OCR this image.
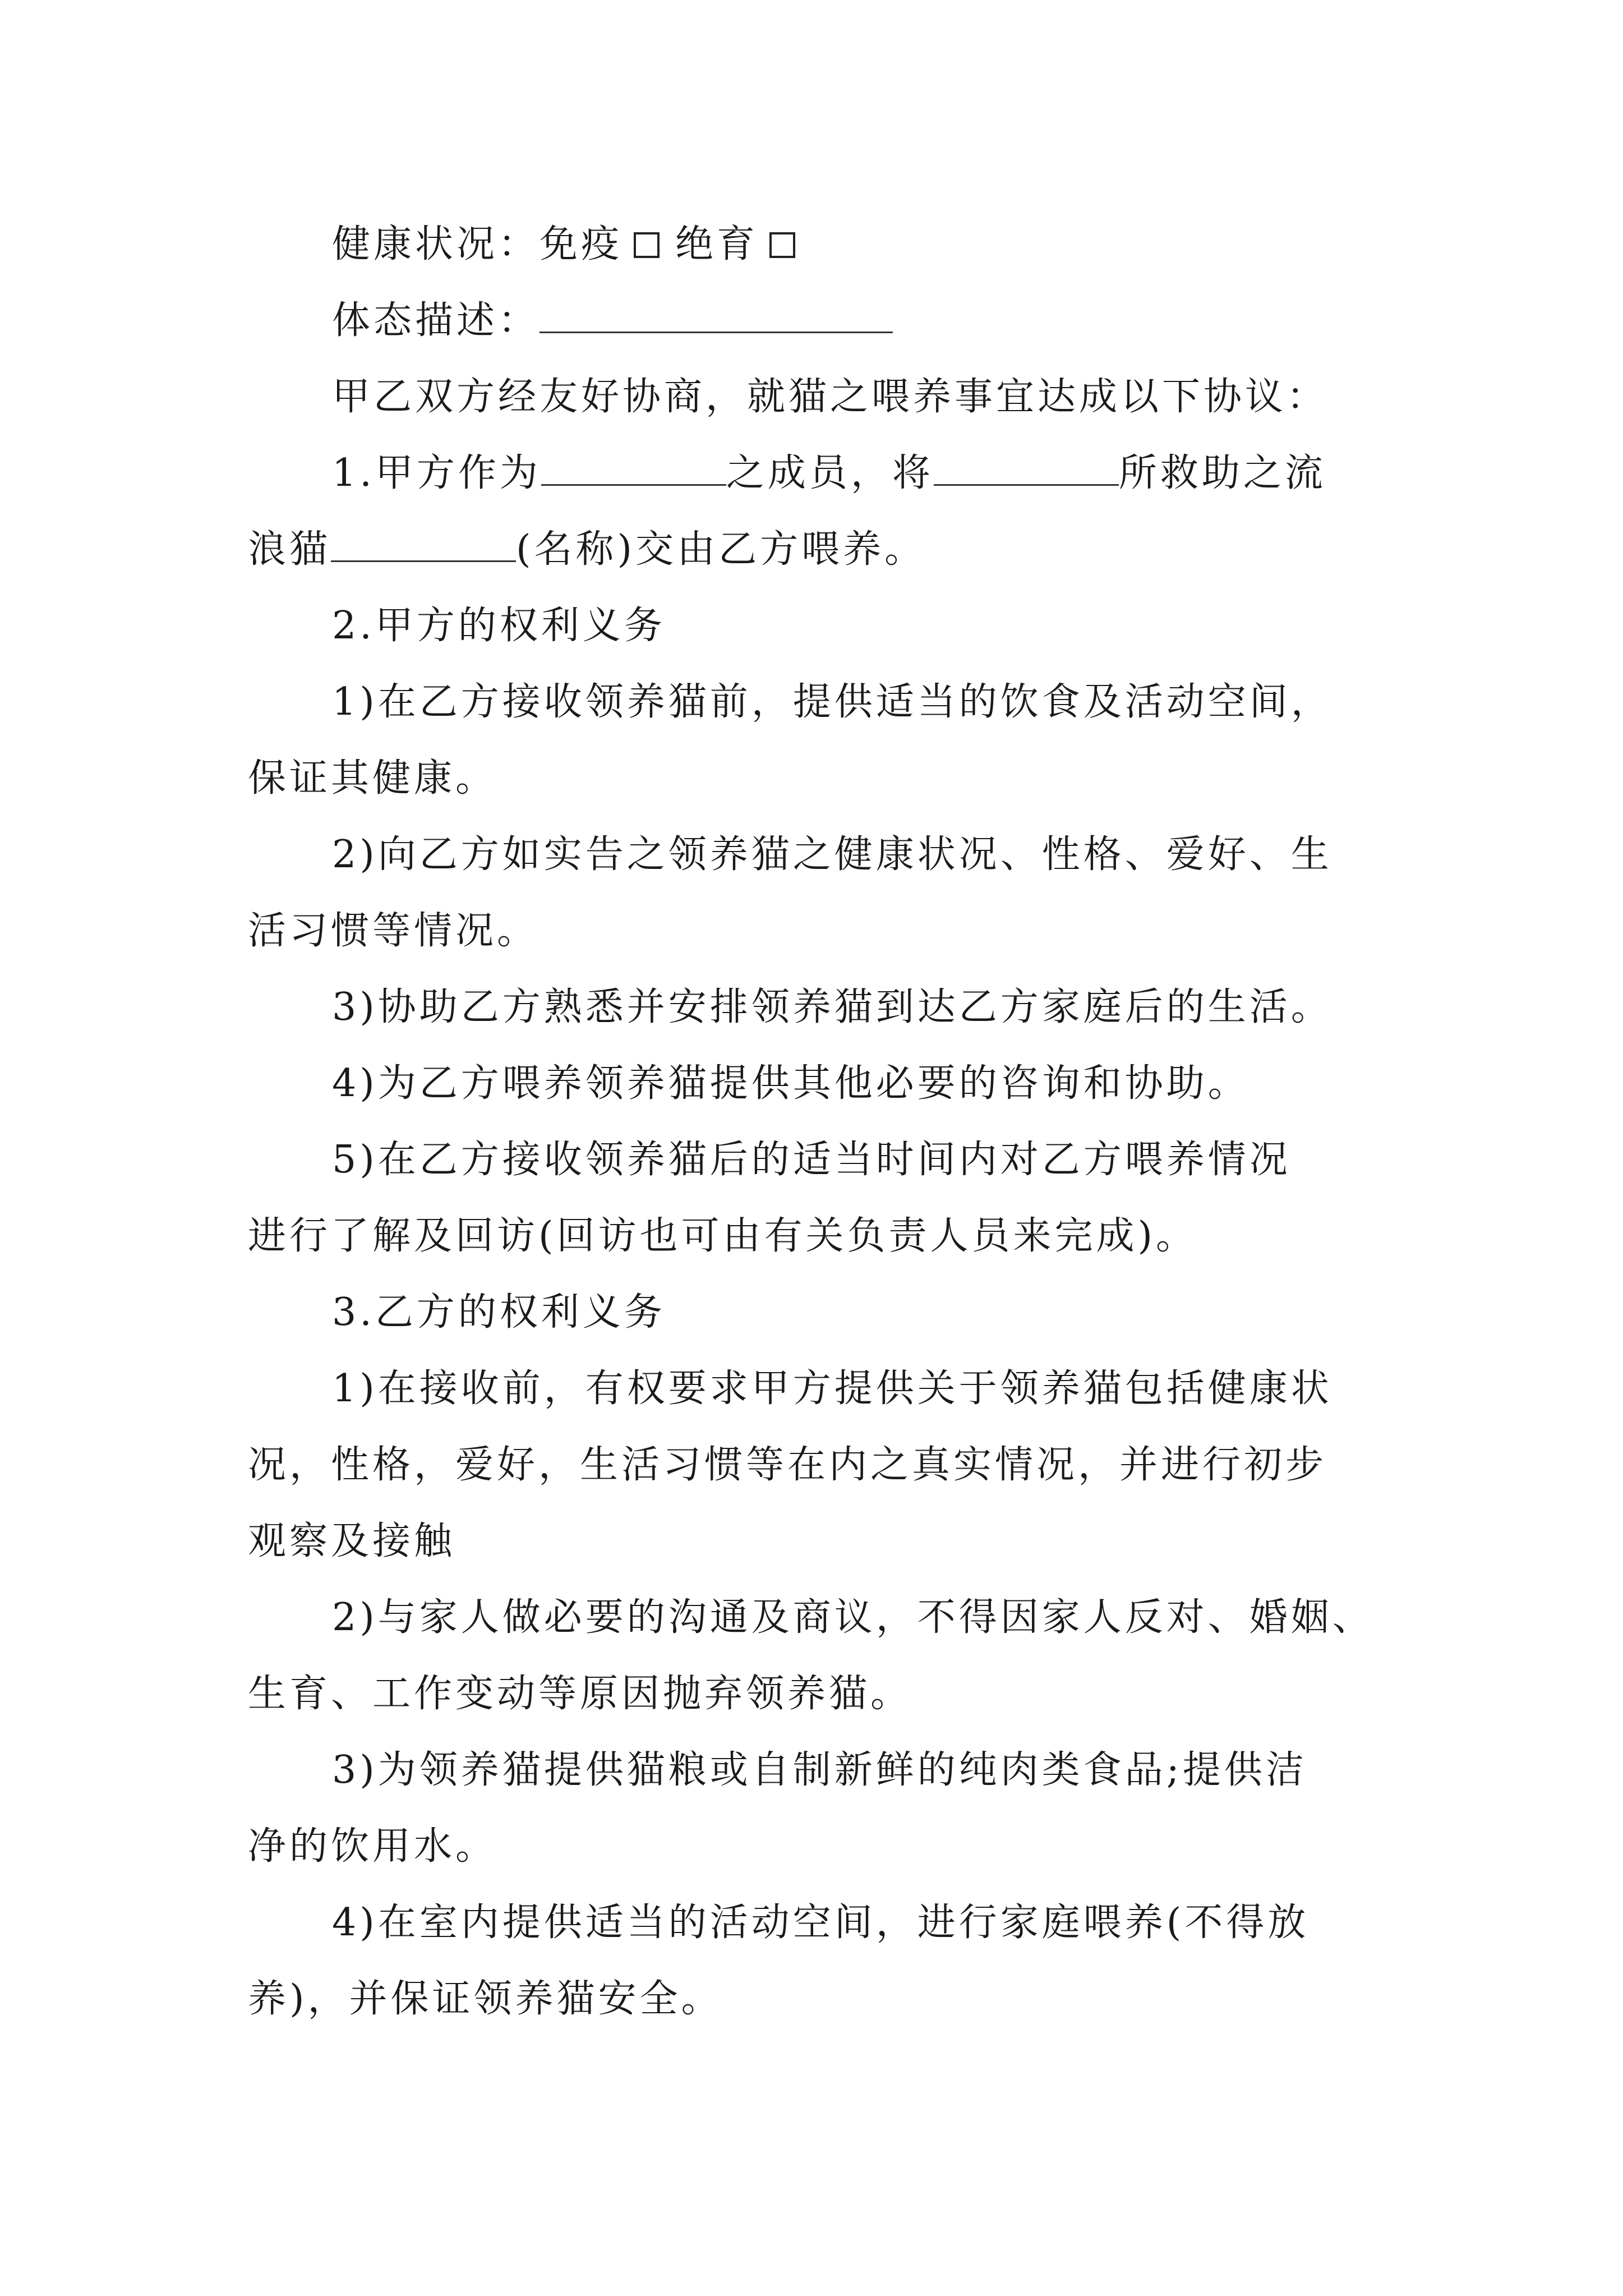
健康状况：免疫 绝育
体态描述：
甲乙双方经友好协商，就猫之喂养事宜达成以下协议：
1.甲方作为	之成员，将	所救助之流
浪猫	(名称)交由乙方喂养。
2.甲方的权利义务
1)在乙方接收领养猫前，提供适当的饮食及活动空间，
保证其健康。
2)向乙方如实告之领养猫之健康状况、性格、爱好、生
活习惯等情况。
3)协助乙方熟悉并安排领养猫到达乙方家庭后的生活。
4)为乙方喂养领养猫提供其他必要的咨询和协助。
5)在乙方接收领养猫后的适当时间内对乙方喂养情况
进行了解及回访(回访也可由有关负责人员来完成)。
3.乙方的权利义务
1)在接收前，有权要求甲方提供关于领养猫包括健康状
况，性格，爱好，生活习惯等在内之真实情况，并进行初步
观察及接触
2)与家人做必要的沟通及商议，不得因家人反对、婚姻、
生育、工作变动等原因抛弃领养猫。
3)为领养猫提供猫粮或自制新鲜的纯肉类食品;提供洁
净的饮用水。
4)在室内提供适当的活动空间，进行家庭喂养(不得放
养)，并保证领养猫安全。
